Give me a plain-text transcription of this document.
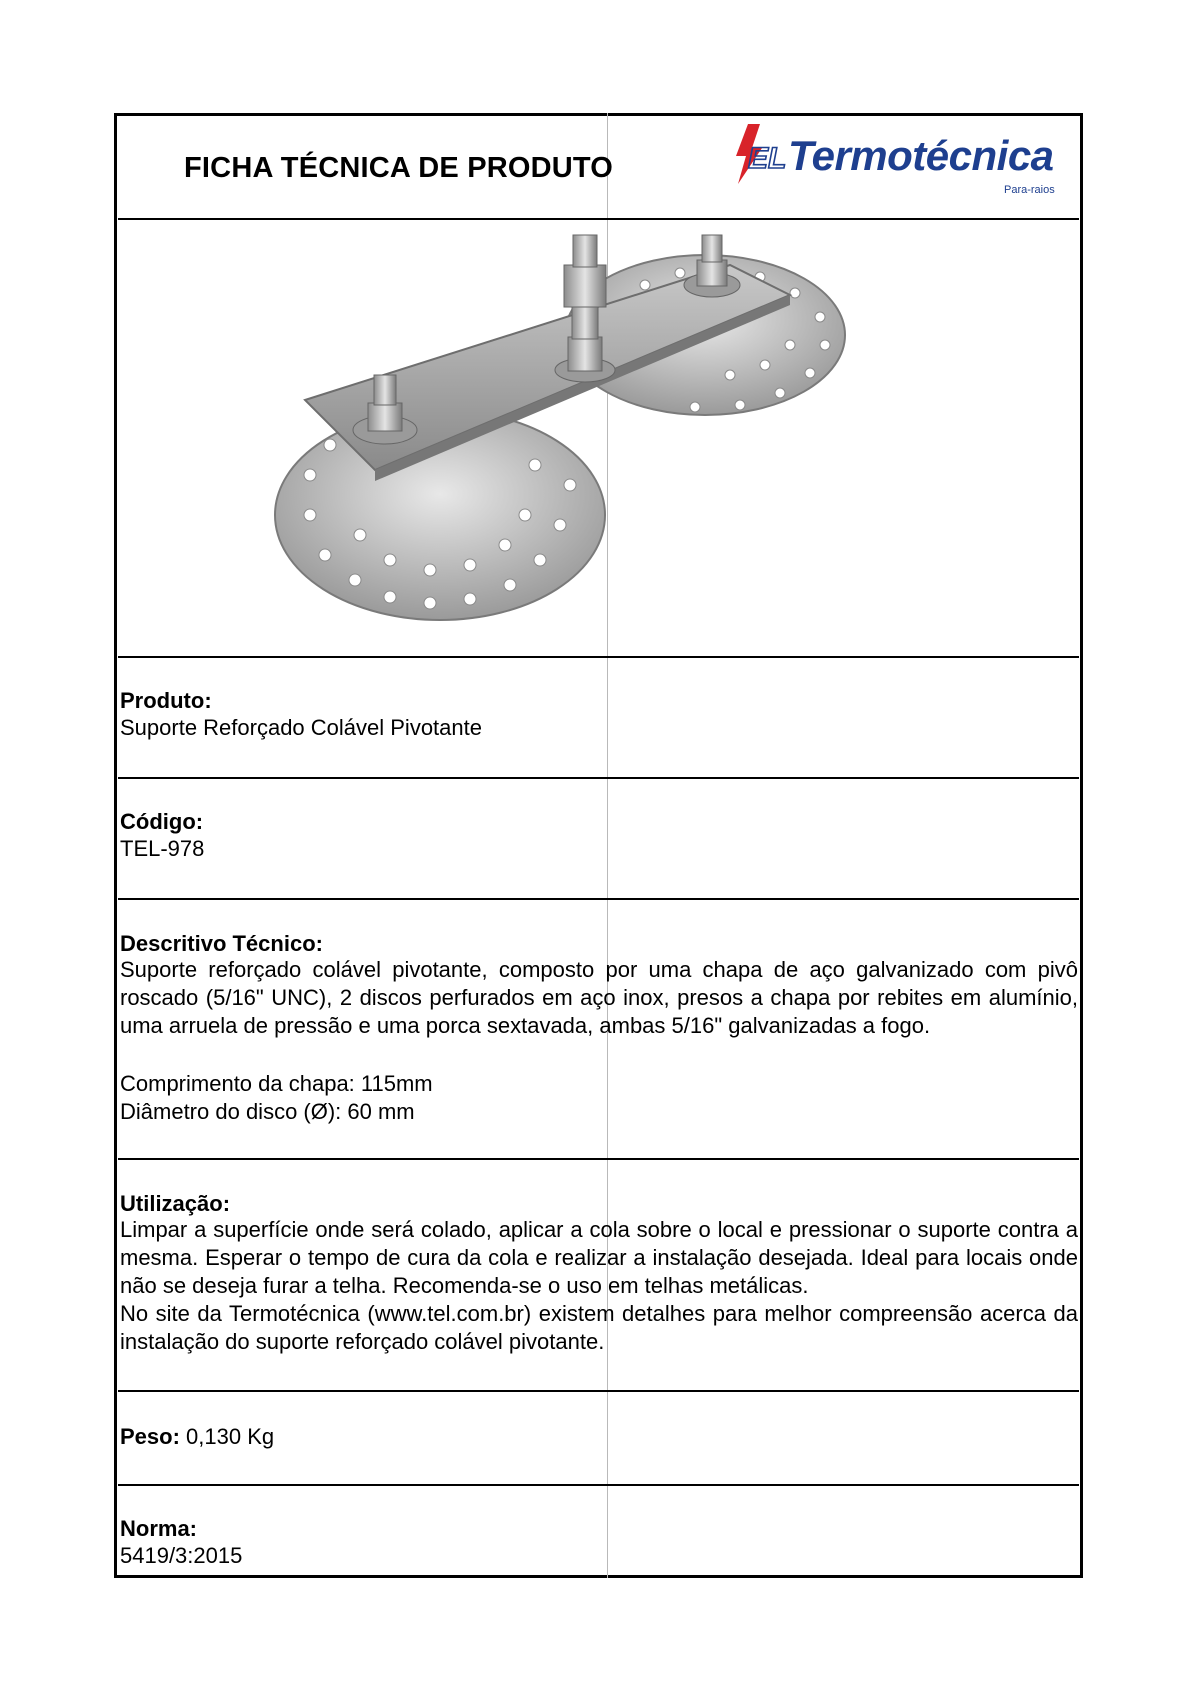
FICHA TÉCNICA DE PRODUTO	EL Termotécnica
Para-raios
Produto:
Suporte Reforçado Colável Pivotante
Código:
TEL-978
Descritivo Técnico:

Suporte reforçado colável pivotante, composto por uma chapa de aço galvanizado com pivô roscado (5/16" UNC), 2 discos perfurados em aço inox, presos a chapa por rebites em alumínio, uma arruela de pressão e uma porca sextavada, ambas 5/16" galvanizadas a fogo.

Comprimento da chapa: 115mm
Diâmetro do disco (Ø): 60 mm
Utilização:

Limpar a superfície onde será colado, aplicar a cola sobre o local e pressionar o suporte contra a mesma. Esperar o tempo de cura da cola e realizar a instalação desejada. Ideal para locais onde não se deseja furar a telha. Recomenda-se o uso em telhas metálicas.

No site da Termotécnica (www.tel.com.br) existem detalhes para melhor compreensão acerca da instalação do suporte reforçado colável pivotante.

Peso: 0,130 Kg
Norma:
5419/3:2015
